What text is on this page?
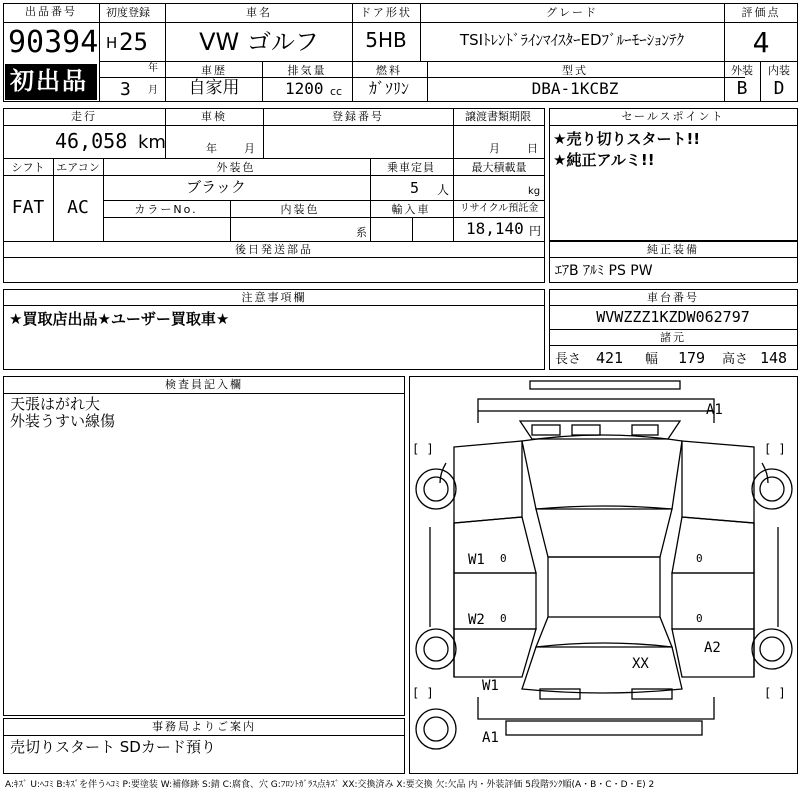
出品番号
90394
初出品
初度登録
H 25
年
3 月
車名
VW ゴルフ
ドア形状
5HB
グレード
TSIﾄﾚﾝﾄﾞﾗｲﾝﾏｲｽﾀｰEDﾌﾞﾙｰﾓｰｼｮﾝﾃｸ
評価点
4
車歴
自家用
排気量
1200 cc
燃料
ｶﾞｿﾘﾝ
型式
DBA-1KCBZ
外装 内装
B D
走行
46,058 km
車検
年 月
登録番号	譲渡書類期限
月 日
シフト エアコン
FAT AC
外装色
ブラック
乗車定員
5 人
最大積載量
kg
カラーNo.	内装色
系
輸入車	リサイクル預託金
18,140 円
後日発送部品
セールスポイント
★売り切りスタート!!
★純正アルミ!!
純正装備
ｴｱB ｱﾙﾐ PS PW
注意事項欄
★買取店出品★ユーザー買取車★
車台番号
WVWZZZ1KZDW062797
諸元
長さ 421 幅 179 高さ 148
検査員記入欄
天張はがれ大
外装うすい線傷
事務局よりご案内
売切りスタート SDカード預り
A1
W1
W2
W1
A2
XX
A1
0
0
0
0
[ ]	[ ]
[ ]	[ ]
A:ｷｽﾞ U:ﾍｺﾐ B:ｷｽﾞを伴うﾍｺﾐ P:要塗装 W:補修跡 S:錆 C:腐食、穴 G:ﾌﾛﾝﾄｶﾞﾗｽ点ｷｽﾞ XX:交換済み X:要交換 欠:欠品 内・外装評価 5段階ﾗﾝｸ順(A・B・C・D・E) 2
